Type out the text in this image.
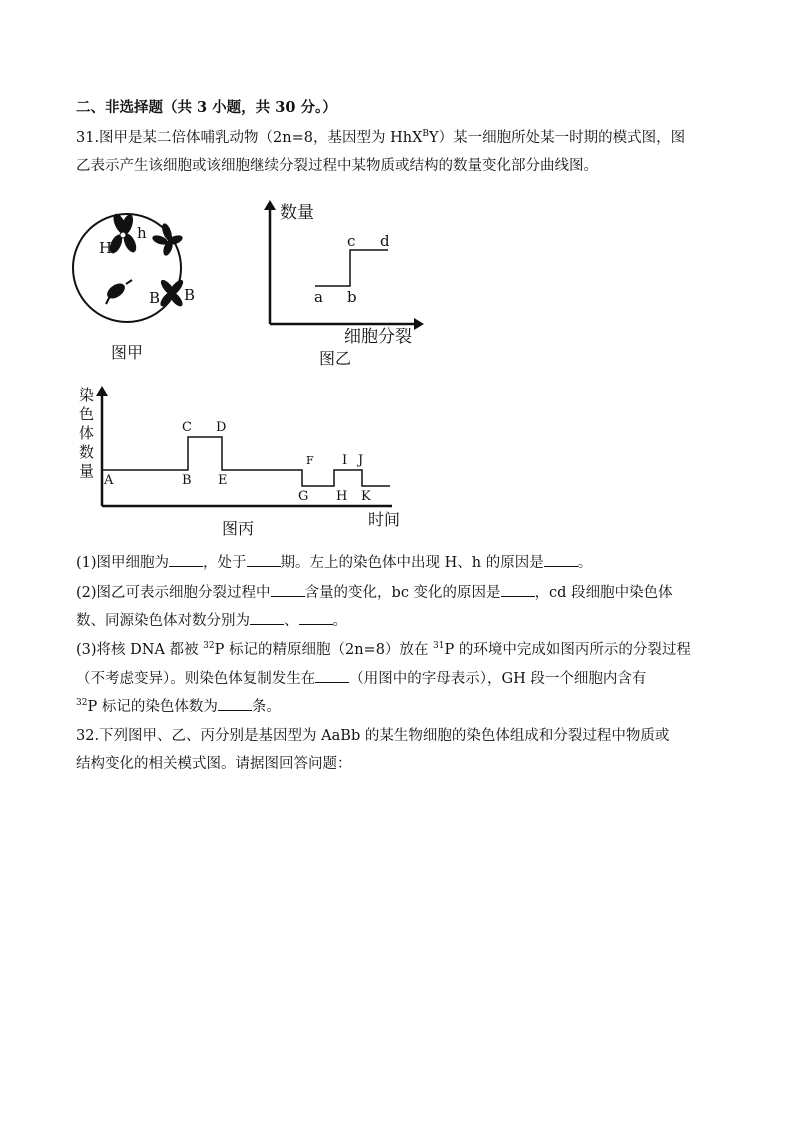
二、非选择题（共 3 小题，共 30 分。）
31.图甲是某二倍体哺乳动物（2n=8，基因型为 HhX$^B$Y）某一细胞所处某一时期的模式图，图
乙表示产生该细胞或该细胞继续分裂过程中某物质或结构的数量变化部分曲线图。
H
h
B B
图甲
数量
细胞分裂
a b
c d
图乙
染
色
体
数
量
A	B
C D
E
F
G H
I J
K
时间
图丙
(1)图甲细胞为 ，处于 期。左上的染色体中出现 H、h 的原因是 。
(2)图乙可表示细胞分裂过程中 含量的变化，bc 变化的原因是 ，cd 段细胞中染色体
数、同源染色体对数分别为 、 。
(3)将核 DNA 都被 $^{32}$P 标记的精原细胞（2n=8）放在 $^{31}$P 的环境中完成如图丙所示的分裂过程
（不考虑变异）。则染色体复制发生在 （用图中的字母表示），GH 段一个细胞内含有
$^{32}$P 标记的染色体数为 条。
32.下列图甲、乙、丙分别是基因型为 AaBb 的某生物细胞的染色体组成和分裂过程中物质或
结构变化的相关模式图。请据图回答问题：
